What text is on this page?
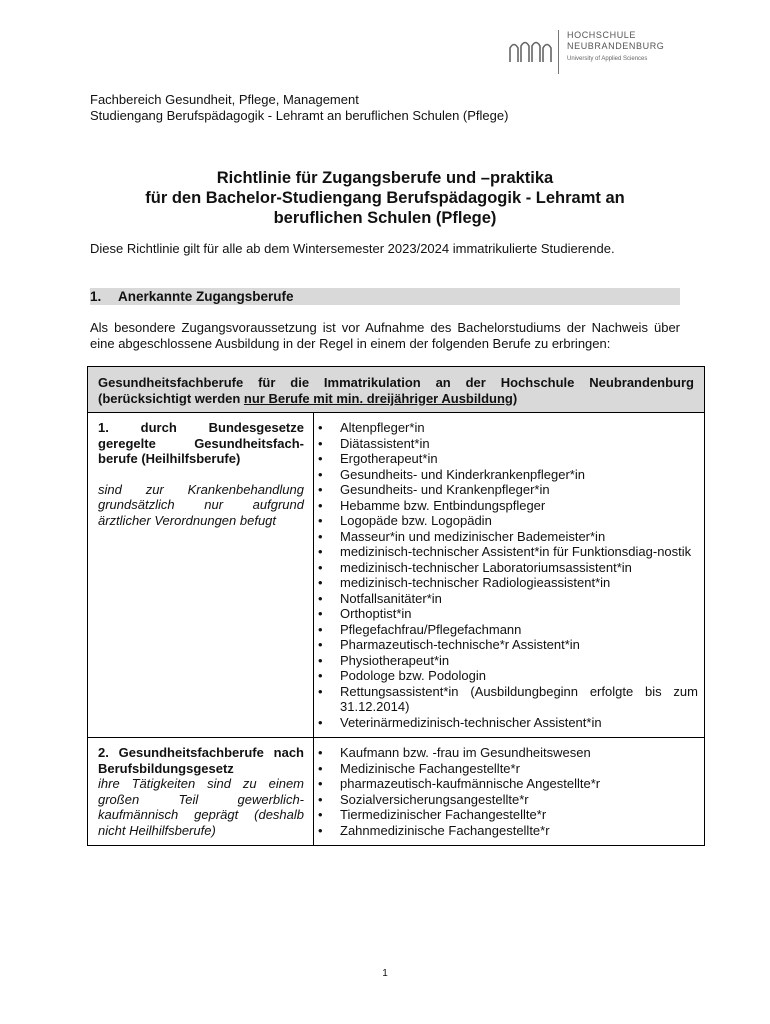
HOCHSCHULE
NEUBRANDENBURG
University of Applied Sciences
Fachbereich Gesundheit, Pflege, Management
Studiengang Berufspädagogik - Lehramt an beruflichen Schulen (Pflege)
Richtlinie für Zugangsberufe und –praktika
für den Bachelor-Studiengang Berufspädagogik - Lehramt an
beruflichen Schulen (Pflege)
Diese Richtlinie gilt für alle ab dem Wintersemester 2023/2024 immatrikulierte Studierende.
1. Anerkannte Zugangsberufe
Als besondere Zugangsvoraussetzung ist vor Aufnahme des Bachelorstudiums der Nachweis über eine abgeschlossene Ausbildung in der Regel in einem der folgenden Berufe zu erbringen:
Gesundheitsfachberufe für die Immatrikulation an der Hochschule Neubrandenburg (berücksichtigt werden nur Berufe mit min. dreijähriger Ausbildung)
1. durch Bundesgesetze geregelte Gesundheitsfach-berufe (Heilhilfsberufe)
sind zur Krankenbehandlung grundsätzlich nur aufgrund ärztlicher Verordnungen befugt
•	Altenpfleger*in
•	Diätassistent*in
•	Ergotherapeut*in
•	Gesundheits- und Kinderkrankenpfleger*in
•	Gesundheits- und Krankenpfleger*in
•	Hebamme bzw. Entbindungspfleger
•	Logopäde bzw. Logopädin
•	Masseur*in und medizinischer Bademeister*in
•	medizinisch-technischer Assistent*in für Funktionsdiag-nostik
•	medizinisch-technischer Laboratoriumsassistent*in
•	medizinisch-technischer Radiologieassistent*in
•	Notfallsanitäter*in
•	Orthoptist*in
•	Pflegefachfrau/Pflegefachmann
•	Pharmazeutisch-technische*r Assistent*in
•	Physiotherapeut*in
•	Podologe bzw. Podologin
•	Rettungsassistent*in (Ausbildungbeginn erfolgte bis zum 31.12.2014)
•	Veterinärmedizinisch-technischer Assistent*in
2. Gesundheitsfachberufe nach Berufsbildungsgesetz
ihre Tätigkeiten sind zu einem großen Teil gewerblich-kaufmännisch geprägt (deshalb nicht Heilhilfsberufe)
•	Kaufmann bzw. -frau im Gesundheitswesen
•	Medizinische Fachangestellte*r
•	pharmazeutisch-kaufmännische Angestellte*r
•	Sozialversicherungsangestellte*r
•	Tiermedizinischer Fachangestellte*r
•	Zahnmedizinische Fachangestellte*r
1
